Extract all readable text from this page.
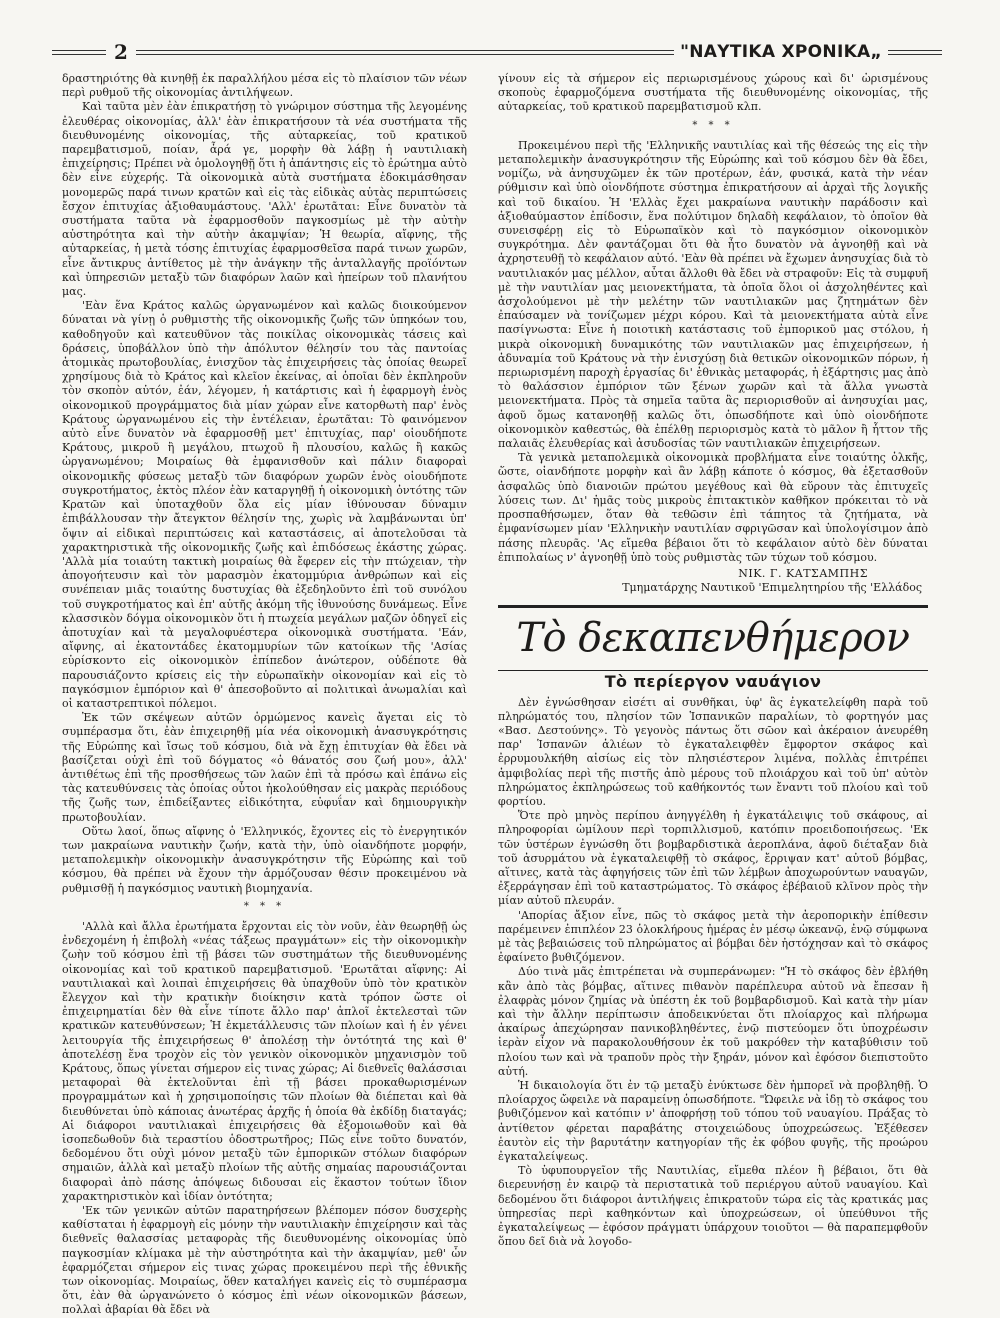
2	"ΝΑΥΤΙΚΑ ΧΡΟΝΙΚΑ„

δραστηριότης θὰ κινηθῇ ἐκ παραλλήλου μέσα εἰς τὸ πλαίσιον τῶν νέων περὶ ρυθμοῦ τῆς οἰκονομίας ἀντιλήψεων.

Καὶ ταῦτα μὲν ἐὰν ἐπικρατήσῃ τὸ γνώριμον σύστημα τῆς λεγομένης ἐλευθέρας οἰκονομίας, ἀλλ' ἐὰν ἐπικρατήσουν τὰ νέα συστήματα τῆς διευθυνομένης οἰκονομίας, τῆς αὐταρκείας, τοῦ κρατικοῦ παρεμβατισμοῦ, ποίαν, ἆρά γε, μορφὴν θὰ λάβῃ ἡ ναυτιλιακὴ ἐπιχείρησις; Πρέπει νὰ ὁμολογηθῇ ὅτι ἡ ἀπάντησις εἰς τὸ ἐρώτημα αὐτὸ δὲν εἶνε εὐχερής. Τὰ οἰκονομικὰ αὐτὰ συστήματα ἐδοκιμάσθησαν μονομερῶς παρά τινων κρατῶν καὶ εἰς τὰς εἰδικὰς αὐτὰς περιπτώσεις ἔσχον ἐπιτυχίας ἀξιοθαυμάστους. 'Αλλ' ἐρωτᾶται: Εἶνε δυνατὸν τὰ συστήματα ταῦτα νὰ ἐφαρμοσθοῦν παγκοσμίως μὲ τὴν αὐτὴν αὐστηρότητα καὶ τὴν αὐτὴν ἀκαμψίαν; Ἡ θεωρία, αἴφνης, τῆς αὐταρκείας, ἡ μετὰ τόσης ἐπιτυχίας ἐφαρμοσθεῖσα παρά τινων χωρῶν, εἶνε ἄντικρυς ἀντίθετος μὲ τὴν ἀνάγκην τῆς ἀνταλλαγῆς προϊόντων καὶ ὑπηρεσιῶν μεταξὺ τῶν διαφόρων λαῶν καὶ ἠπείρων τοῦ πλανήτου μας.

'Εὰν ἕνα Κράτος καλῶς ὠργανωμένον καὶ καλῶς διοικούμενον δύναται νὰ γίνῃ ὁ ρυθμιστὴς τῆς οἰκονομικῆς ζωῆς τῶν ὑπηκόων του, καθοδηγοῦν καὶ κατευθῦνον τὰς ποικίλας οἰκονομικὰς τάσεις καὶ δράσεις, ὑποβάλλον ὑπὸ τὴν ἀπόλυτον θέλησίν του τὰς παντοίας ἀτομικὰς πρωτοβουλίας, ἐνισχῦον τὰς ἐπιχειρήσεις τὰς ὁποίας θεωρεῖ χρησίμους διὰ τὸ Κράτος καὶ κλεῖον ἐκείνας, αἱ ὁποῖαι δὲν ἐκπληροῦν τὸν σκοπὸν αὐτόν, ἐάν, λέγομεν, ἡ κατάρτισις καὶ ἡ ἐφαρμογὴ ἑνὸς οἰκονομικοῦ προγράμματος διὰ μίαν χώραν εἶνε κατορθωτὴ παρ' ἑνὸς Κράτους ὠργανωμένου εἰς τὴν ἐντέλειαν, ἐρωτᾶται: Τὸ φαινόμενον αὐτὸ εἶνε δυνατὸν νὰ ἐφαρμοσθῇ μετ' ἐπιτυχίας, παρ' οἱουδήποτε Κράτους, μικροῦ ἢ μεγάλου, πτωχοῦ ἢ πλουσίου, καλῶς ἢ κακῶς ὠργανωμένου; Μοιραίως θὰ ἐμφανισθοῦν καὶ πάλιν διαφοραὶ οἰκονομικῆς φύσεως μεταξὺ τῶν διαφόρων χωρῶν ἑνὸς οἱουδήποτε συγκροτήματος, ἐκτὸς πλέον ἐὰν καταργηθῇ ἡ οἰκονομικὴ ὀντότης τῶν Κρατῶν καὶ ὑποταχθοῦν ὅλα εἰς μίαν ἰθύνουσαν δύναμιν ἐπιβάλλουσαν τὴν ἄτεγκτον θέλησίν της, χωρὶς νὰ λαμβάνωνται ὑπ' ὄψιν αἱ εἰδικαὶ περιπτώσεις καὶ καταστάσεις, αἱ ἀποτελοῦσαι τὰ χαρακτηριστικὰ τῆς οἰκονομικῆς ζωῆς καὶ ἐπιδόσεως ἑκάστης χώρας. 'Αλλὰ μία τοιαύτη τακτικὴ μοιραίως θὰ ἔφερεν εἰς τὴν πτώχειαν, τὴν ἀπογοήτευσιν καὶ τὸν μαρασμὸν ἑκατομμύρια ἀνθρώπων καὶ εἰς συνέπειαν μιᾶς τοιαύτης δυστυχίας θὰ ἐξεδηλοῦντο ἐπὶ τοῦ συνόλου τοῦ συγκροτήματος καὶ ἐπ' αὐτῆς ἀκόμη τῆς ἰθυνούσης δυνάμεως. Εἶνε κλασσικὸν δόγμα οἰκονομικὸν ὅτι ἡ πτωχεία μεγάλων μαζῶν ὁδηγεῖ εἰς ἀποτυχίαν καὶ τὰ μεγαλοφυέστερα οἰκονομικὰ συστήματα. 'Εάν, αἴφνης, αἱ ἑκατοντάδες ἑκατομμυρίων τῶν κατοίκων τῆς 'Ασίας εὑρίσκοντο εἰς οἰκονομικὸν ἐπίπεδον ἀνώτερον, οὐδέποτε θὰ παρουσιάζοντο κρίσεις εἰς τὴν εὐρωπαϊκὴν οἰκονομίαν καὶ εἰς τὸ παγκόσμιον ἐμπόριον καὶ θ' ἀπεσοβοῦντο αἱ πολιτικαὶ ἀνωμαλίαι καὶ οἱ καταστρεπτικοὶ πόλεμοι.

Ἐκ τῶν σκέψεων αὐτῶν ὁρμώμενος κανεὶς ἄγεται εἰς τὸ συμπέρασμα ὅτι, ἐὰν ἐπιχειρηθῇ μία νέα οἰκονομικὴ ἀνασυγκρότησις τῆς Εὐρώπης καὶ ἴσως τοῦ κόσμου, διὰ νὰ ἔχῃ ἐπιτυχίαν θὰ ἔδει νὰ βασίζεται οὐχὶ ἐπὶ τοῦ δόγματος «ὁ θάνατός σου ζωή μου», ἀλλ' ἀντιθέτως ἐπὶ τῆς προσθήσεως τῶν λαῶν ἐπὶ τὰ πρόσω καὶ ἐπάνω εἰς τὰς κατευθύνσεις τὰς ὁποίας οὗτοι ἠκολούθησαν εἰς μακρὰς περιόδους τῆς ζωῆς των, ἐπιδείξαντες εἰδικότητα, εὐφυΐαν καὶ δημιουργικὴν πρωτοβουλίαν.

Οὕτω λαοί, ὅπως αἴφνης ὁ 'Ελληνικός, ἔχοντες εἰς τὸ ἐνεργητικόν των μακραίωνα ναυτικὴν ζωήν, κατὰ τὴν, ὑπὸ οἱανδήποτε μορφήν, μεταπολεμικὴν οἰκονομικὴν ἀνασυγκρότησιν τῆς Εὐρώπης καὶ τοῦ κόσμου, θὰ πρέπει νὰ ἔχουν τὴν ἁρμόζουσαν θέσιν προκειμένου νὰ ρυθμισθῇ ἡ παγκόσμιος ναυτικὴ βιομηχανία.

* * *

'Αλλὰ καὶ ἄλλα ἐρωτήματα ἔρχονται εἰς τὸν νοῦν, ἐὰν θεωρηθῇ ὡς ἐνδεχομένη ἡ ἐπιβολὴ «νέας τάξεως πραγμάτων» εἰς τὴν οἰκονομικὴν ζωὴν τοῦ κόσμου ἐπὶ τῇ βάσει τῶν συστημάτων τῆς διευθυνομένης οἰκονομίας καὶ τοῦ κρατικοῦ παρεμβατισμοῦ. 'Ερωτᾶται αἴφνης: Αἱ ναυτιλιακαὶ καὶ λοιπαὶ ἐπιχειρήσεις θὰ ὑπαχθοῦν ὑπὸ τὸν κρατικὸν ἔλεγχον καὶ τὴν κρατικὴν διοίκησιν κατὰ τρόπον ὥστε οἱ ἐπιχειρηματίαι δὲν θὰ εἶνε τίποτε ἄλλο παρ' ἁπλοῖ ἐκτελεσταὶ τῶν κρατικῶν κατευθύνσεων; Ἡ ἐκμετάλλευσις τῶν πλοίων καὶ ἡ ἐν γένει λειτουργία τῆς ἐπιχειρήσεως θ' ἀπολέσῃ τὴν ὀντότητά της καὶ θ' ἀποτελέσῃ ἕνα τροχὸν εἰς τὸν γενικὸν οἰκονομικὸν μηχανισμὸν τοῦ Κράτους, ὅπως γίνεται σήμερον εἰς τινας χώρας; Αἱ διεθνεῖς θαλάσσιαι μεταφοραὶ θὰ ἐκτελοῦνται ἐπὶ τῇ βάσει προκαθωρισμένων προγραμμάτων καὶ ἡ χρησιμοποίησις τῶν πλοίων θὰ διέπεται καὶ θὰ διευθύνεται ὑπὸ κάποιας ἀνωτέρας ἀρχῆς ἡ ὁποία θὰ ἐκδίδῃ διαταγάς; Αἱ διάφοροι ναυτιλιακαὶ ἐπιχειρήσεις θὰ ἐξομοιωθοῦν καὶ θὰ ἰσοπεδωθοῦν διὰ τεραστίου ὁδοστρωτῆρος; Πῶς εἶνε τοῦτο δυνατόν, δεδομένου ὅτι οὐχὶ μόνον μεταξὺ τῶν ἐμπορικῶν στόλων διαφόρων σημαιῶν, ἀλλὰ καὶ μεταξὺ πλοίων τῆς αὐτῆς σημαίας παρουσιάζονται διαφοραὶ ἀπὸ πάσης ἀπόψεως διδουσαι εἰς ἕκαστον τούτων ἴδιον χαρακτηριστικὸν καὶ ἰδίαν ὀντότητα;

'Εκ τῶν γενικῶν αὐτῶν παρατηρήσεων βλέπομεν πόσον δυσχερὴς καθίσταται ἡ ἐφαρμογὴ εἰς μόνην τὴν ναυτιλιακὴν ἐπιχείρησιν καὶ τὰς διεθνεῖς θαλασσίας μεταφορὰς τῆς διευθυνομένης οἰκονομίας ὑπὸ παγκοσμίαν κλίμακα μὲ τὴν αὐστηρότητα καὶ τὴν ἀκαμψίαν, μεθ' ὧν ἐφαρμόζεται σήμερον εἰς τινας χώρας προκειμένου περὶ τῆς ἐθνικῆς των οἰκονομίας. Μοιραίως, ὅθεν καταλήγει κανεὶς εἰς τὸ συμπέρασμα ὅτι, ἐὰν θὰ ὠργανώνετο ὁ κόσμος ἐπὶ νέων οἰκονομικῶν βάσεων, πολλαὶ ἀβαρίαι θὰ ἔδει νὰ

γίνουν εἰς τὰ σήμερον εἰς περιωρισμένους χώρους καὶ δι' ὡρισμένους σκοποὺς ἐφαρμοζόμενα συστήματα τῆς διευθυνομένης οἰκονομίας, τῆς αὐταρκείας, τοῦ κρατικοῦ παρεμβατισμοῦ κλπ.

* * *

Προκειμένου περὶ τῆς 'Ελληνικῆς ναυτιλίας καὶ τῆς θέσεώς της εἰς τὴν μεταπολεμικὴν ἀνασυγκρότησιν τῆς Εὐρώπης καὶ τοῦ κόσμου δὲν θὰ ἔδει, νομίζω, νὰ ἀνησυχῶμεν ἐκ τῶν προτέρων, ἐάν, φυσικά, κατὰ τὴν νέαν ρύθμισιν καὶ ὑπὸ οἱονδήποτε σύστημα ἐπικρατήσουν αἱ ἀρχαὶ τῆς λογικῆς καὶ τοῦ δικαίου. Ἡ 'Ελλὰς ἔχει μακραίωνα ναυτικὴν παράδοσιν καὶ ἀξιοθαύμαστον ἐπίδοσιν, ἕνα πολύτιμον δηλαδὴ κεφάλαιον, τὸ ὁποῖον θὰ συνεισφέρῃ εἰς τὸ Εὐρωπαϊκὸν καὶ τὸ παγκόσμιον οἰκονομικὸν συγκρότημα. Δὲν φαντάζομαι ὅτι θὰ ἦτο δυνατὸν νὰ ἀγνοηθῇ καὶ νὰ ἀχρηστευθῇ τὸ κεφάλαιον αὐτό. 'Εὰν θὰ πρέπει νὰ ἔχωμεν ἀνησυχίας διὰ τὸ ναυτιλιακόν μας μέλλον, αὗται ἄλλοθι θὰ ἔδει νὰ στραφοῦν: Εἰς τὰ συμφυῆ μὲ τὴν ναυτιλίαν μας μειονεκτήματα, τὰ ὁποῖα ὅλοι οἱ ἀσχοληθέντες καὶ ἀσχολούμενοι μὲ τὴν μελέτην τῶν ναυτιλιακῶν μας ζητημάτων δὲν ἐπαύσαμεν νὰ τονίζωμεν μέχρι κόρου. Καὶ τὰ μειονεκτήματα αὐτὰ εἶνε πασίγνωστα: Εἶνε ἡ ποιοτικὴ κατάστασις τοῦ ἐμπορικοῦ μας στόλου, ἡ μικρὰ οἰκονομικὴ δυναμικότης τῶν ναυτιλιακῶν μας ἐπιχειρήσεων, ἡ ἀδυναμία τοῦ Κράτους νὰ τὴν ἐνισχύσῃ διὰ θετικῶν οἰκονομικῶν πόρων, ἡ περιωρισμένη παροχὴ ἐργασίας δι' ἐθνικὰς μεταφοράς, ἡ ἐξάρτησις μας ἀπὸ τὸ θαλάσσιον ἐμπόριον τῶν ξένων χωρῶν καὶ τὰ ἄλλα γνωστὰ μειονεκτήματα. Πρὸς τὰ σημεῖα ταῦτα ἃς περιορισθοῦν αἱ ἀνησυχίαι μας, ἀφοῦ ὅμως κατανοηθῇ καλῶς ὅτι, ὁπωσδήποτε καὶ ὑπὸ οἱονδήποτε οἰκονομικὸν καθεστώς, θὰ ἐπέλθῃ περιορισμὸς κατὰ τὸ μᾶλον ἢ ἧττον τῆς παλαιᾶς ἐλευθερίας καὶ ἀσυδοσίας τῶν ναυτιλιακῶν ἐπιχειρήσεων.

Τὰ γενικὰ μεταπολεμικὰ οἰκονομικὰ προβλήματα εἶνε τοιαύτης ὁλκῆς, ὥστε, οἱανδήποτε μορφὴν καὶ ἂν λάβῃ κάποτε ὁ κόσμος, θὰ ἐξετασθοῦν ἀσφαλῶς ὑπὸ διανοιῶν πρώτου μεγέθους καὶ θὰ εὕρουν τὰς ἐπιτυχεῖς λύσεις των. Δι' ἡμᾶς τοὺς μικροὺς ἐπιτακτικὸν καθῆκον πρόκειται τὸ νὰ προσπαθήσωμεν, ὅταν θὰ τεθῶσιν ἐπὶ τάπητος τὰ ζητήματα, νὰ ἐμφανίσωμεν μίαν 'Ελληνικὴν ναυτιλίαν σφριγῶσαν καὶ ὑπολογίσιμον ἀπὸ πάσης πλευρᾶς. 'Ας εἴμεθα βέβαιοι ὅτι τὸ κεφάλαιον αὐτὸ δὲν δύναται ἐπιπολαίως ν' ἀγνοηθῇ ὑπὸ τοὺς ρυθμιστὰς τῶν τύχων τοῦ κόσμου.

ΝΙΚ. Γ. ΚΑΤΣΑΜΠΗΣ
Τμηματάρχης Ναυτικοῦ 'Επιμελητηρίου τῆς 'Ελλάδος
Τὸ δεκαπενθήμερον
Τὸ περίεργον ναυάγιον

Δὲν ἐγνώσθησαν εἰσέτι αἱ συνθῆκαι, ὑφ' ἃς ἐγκατελείφθη παρὰ τοῦ πληρώματός του, πλησίον τῶν Ἱσπανικῶν παραλίων, τὸ φορτηγόν μας «Βασ. Δεστούνης». Τὸ γεγονὸς πάντως ὅτι σῶον καὶ ἀκέραιον ἀνευρέθη παρ' Ἱσπανῶν ἁλιέων τὸ ἐγκαταλειφθὲν ἔμφορτον σκάφος καὶ ἐρρυμουλκήθη αἰσίως εἰς τὸν πλησιέστερον λιμένα, πολλὰς ἐπιτρέπει ἀμφιβολίας περὶ τῆς πιστῆς ἀπὸ μέρους τοῦ πλοιάρχου καὶ τοῦ ὑπ' αὐτὸν πληρώματος ἐκπληρώσεως τοῦ καθήκοντός των ἔναντι τοῦ πλοίου καὶ τοῦ φορτίου.

Ὅτε πρὸ μηνὸς περίπου ἀνηγγέλθη ἡ ἐγκατάλειψις τοῦ σκάφους, αἱ πληροφορίαι ὡμίλουν περὶ τορπιλλισμοῦ, κατόπιν προειδοποιήσεως. 'Εκ τῶν ὑστέρων ἐγνώσθη ὅτι βομβαρδιστικὰ ἀεροπλάνα, ἀφοῦ διέταξαν διὰ τοῦ ἀσυρμάτου νὰ ἐγκαταλειφθῇ τὸ σκάφος, ἔρριψαν κατ' αὐτοῦ βόμβας, αἵτινες, κατὰ τὰς ἀφηγήσεις τῶν ἐπὶ τῶν λέμβων ἀποχωρούντων ναυαγῶν, ἐξερράγησαν ἐπὶ τοῦ καταστρώματος. Τὸ σκάφος ἐβέβαιοῦ κλῖνον πρὸς τὴν μίαν αὐτοῦ πλευράν.

'Απορίας ἄξιον εἶνε, πῶς τὸ σκάφος μετὰ τὴν ἀεροπορικὴν ἐπίθεσιν παρέμεινεν ἐπιπλέον 23 ὁλοκλήρους ἡμέρας ἐν μέσῳ ὠκεανῷ, ἐνῷ σύμφωνα μὲ τὰς βεβαιώσεις τοῦ πληρώματος αἱ βόμβαι δὲν ἠστόχησαν καὶ τὸ σκάφος ἐφαίνετο βυθιζόμενον.

Δύο τινὰ μᾶς ἐπιτρέπεται νὰ συμπεράνωμεν: "Ἡ τὸ σκάφος δὲν ἐβλήθη κἂν ἀπὸ τὰς βόμβας, αἵτινες πιθανὸν παρέπλευρα αὐτοῦ νὰ ἔπεσαν ἢ ἐλαφρὰς μόνον ζημίας νὰ ὑπέστη ἐκ τοῦ βομβαρδισμοῦ. Καὶ κατὰ τὴν μίαν καὶ τὴν ἄλλην περίπτωσιν ἀποδεικνύεται ὅτι πλοίαρχος καὶ πλήρωμα ἀκαίρως ἀπεχώρησαν πανικοβληθέντες, ἐνῷ πιστεύομεν ὅτι ὑποχρέωσιν ἱερὰν εἶχον νὰ παρακολουθήσουν ἐκ τοῦ μακρόθεν τὴν καταβύθισιν τοῦ πλοίου των καὶ νὰ τραποῦν πρὸς τὴν ξηράν, μόνον καὶ ἐφόσον διεπιστοῦτο αὐτή.

Ἡ δικαιολογία ὅτι ἐν τῷ μεταξὺ ἐνύκτωσε δὲν ἠμπορεῖ νὰ προβληθῇ. Ὁ πλοίαρχος ὤφειλε νὰ παραμείνῃ ὁπωσδήποτε. "Ὠφειλε νὰ ἰδῃ τὸ σκάφος του βυθιζόμενον καὶ κατόπιν ν' ἀποφρήσῃ τοῦ τόπου τοῦ ναυαγίου. Πράξας τὸ ἀντίθετον φέρεται παραβάτης στοιχειώδους ὑποχρεώσεως. Ἐξέθεσεν ἑαυτὸν εἰς τὴν βαρυτάτην κατηγορίαν τῆς ἐκ φόβου φυγῆς, τῆς προώρου ἐγκαταλείψεως.

Τὸ ὑφυπουργεῖον τῆς Ναυτιλίας, εἴμεθα πλέον ἢ βέβαιοι, ὅτι θὰ διερευνήσῃ ἐν καιρῷ τὰ περιστατικὰ τοῦ περιέργου αὐτοῦ ναυαγίου. Καὶ δεδομένου ὅτι διάφοροι ἀντιλήψεις ἐπικρατοῦν τώρα εἰς τὰς κρατικάς μας ὑπηρεσίας περὶ καθηκόντων καὶ ὑποχρεώσεων, οἱ ὑπεύθυνοι τῆς ἐγκαταλείψεως — ἐφόσον πράγματι ὑπάρχουν τοιοῦτοι — θὰ παραπεμφθοῦν ὅπου δεῖ διὰ νὰ λογοδο-
